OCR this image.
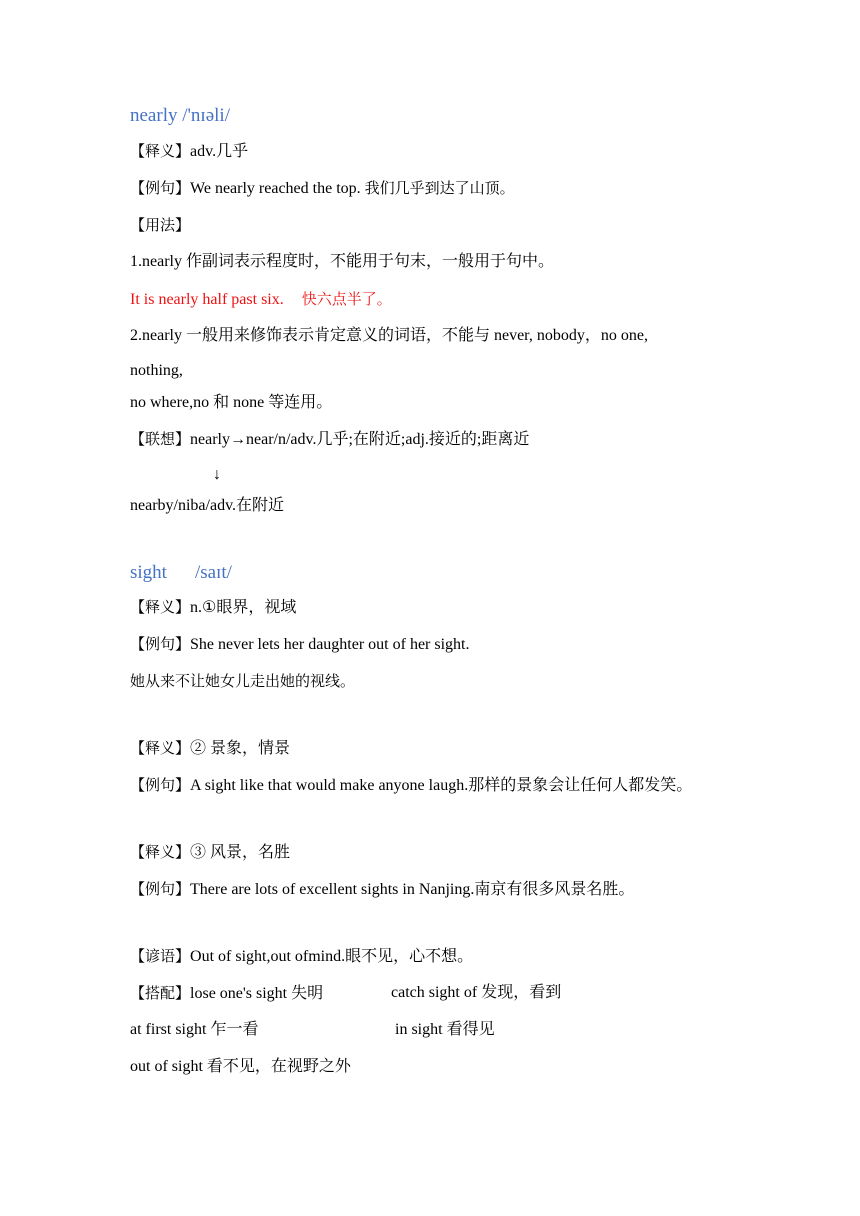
nearly /'nɪəli/
【释义】adv.几乎
【例句】We nearly reached the top. 我们几乎到达了山顶。
【用法】
1.nearly 作副词表示程度时，不能用于句末，一般用于句中。
It is nearly half past six. 快六点半了。
2.nearly 一般用来修饰表示肯定意义的词语，不能与 never, nobody，no one,
nothing,
no where,no 和 none 等连用。
【联想】nearly→near/n/adv.几乎;在附近;adj.接近的;距离近
↓
nearby/niba/adv.在附近
sight /saɪt/
【释义】n.①眼界，视域
【例句】She never lets her daughter out of her sight.
她从来不让她女儿走出她的视线。
【释义】② 景象，情景
【例句】A sight like that would make anyone laugh.那样的景象会让任何人都发笑。
【释义】③ 风景，名胜
【例句】There are lots of excellent sights in Nanjing.南京有很多风景名胜。
【谚语】Out of sight,out ofmind.眼不见，心不想。
【搭配】lose one's sight 失明	catch sight of 发现，看到
at first sight 乍一看	in sight 看得见
out of sight 看不见，在视野之外
